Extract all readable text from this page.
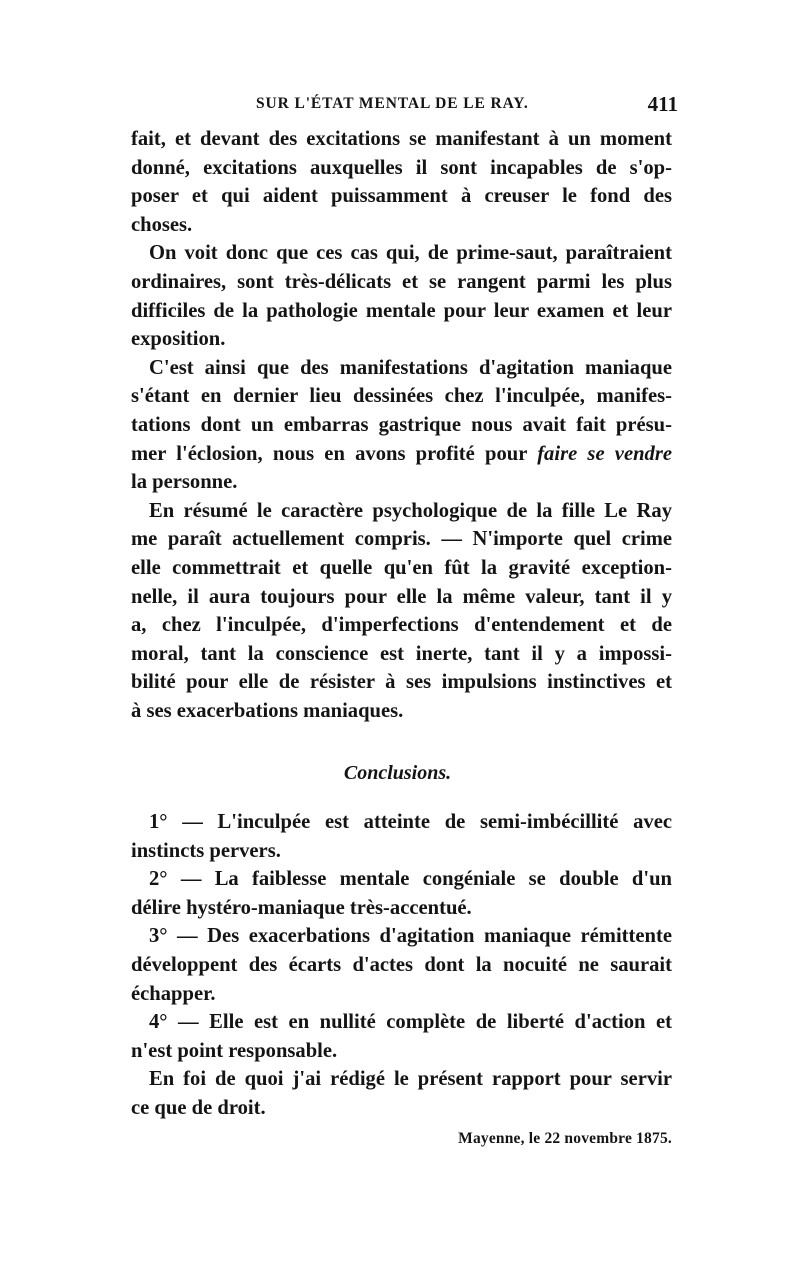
SUR L'ÉTAT MENTAL DE LE RAY.	411

fait, et devant des excitations se manifestant à un moment
donné, excitations auxquelles il sont incapables de s'op-
poser et qui aident puissamment à creuser le fond des
choses.

On voit donc que ces cas qui, de prime-saut, paraîtraient
ordinaires, sont très-délicats et se rangent parmi les plus
difficiles de la pathologie mentale pour leur examen et leur
exposition.

C'est ainsi que des manifestations d'agitation maniaque
s'étant en dernier lieu dessinées chez l'inculpée, manifes-
tations dont un embarras gastrique nous avait fait présu-
mer l'éclosion, nous en avons profité pour faire se vendre
la personne.

En résumé le caractère psychologique de la fille Le Ray
me paraît actuellement compris. — N'importe quel crime
elle commettrait et quelle qu'en fût la gravité exception-
nelle, il aura toujours pour elle la même valeur, tant il y
a, chez l'inculpée, d'imperfections d'entendement et de
moral, tant la conscience est inerte, tant il y a impossi-
bilité pour elle de résister à ses impulsions instinctives et
à ses exacerbations maniaques.

Conclusions.

1° — L'inculpée est atteinte de semi-imbécillité avec
instincts pervers.

2° — La faiblesse mentale congéniale se double d'un
délire hystéro-maniaque très-accentué.

3° — Des exacerbations d'agitation maniaque rémittente
développent des écarts d'actes dont la nocuité ne saurait
échapper.

4° — Elle est en nullité complète de liberté d'action et
n'est point responsable.

En foi de quoi j'ai rédigé le présent rapport pour servir
ce que de droit.

Mayenne, le 22 novembre 1875.
